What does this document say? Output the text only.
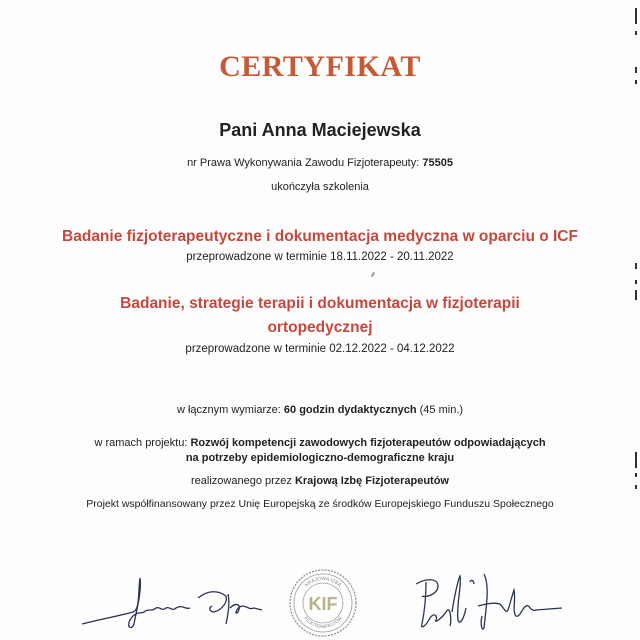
CERTYFIKAT
Pani Anna Maciejewska
nr Prawa Wykonywania Zawodu Fizjoterapeuty: 75505
ukończyła szkolenia
Badanie fizjoterapeutyczne i dokumentacja medyczna w oparciu o ICF
przeprowadzone w terminie 18.11.2022 - 20.11.2022
Badanie, strategie terapii i dokumentacja w fizjoterapii
ortopedycznej
przeprowadzone w terminie 02.12.2022 - 04.12.2022
w łącznym wymiarze: 60 godzin dydaktycznych (45 min.)
w ramach projektu: Rozwój kompetencji zawodowych fizjoterapeutów odpowiadających
na potrzeby epidemiologiczno-demograficzne kraju
realizowanego przez Krajową Izbę Fizjoterapeutów
Projekt współfinansowany przez Unię Europejską ze środków Europejskiego Funduszu Społecznego
KRAJOWA IZBA
FIZJOTERAPEUTÓW
KIF
